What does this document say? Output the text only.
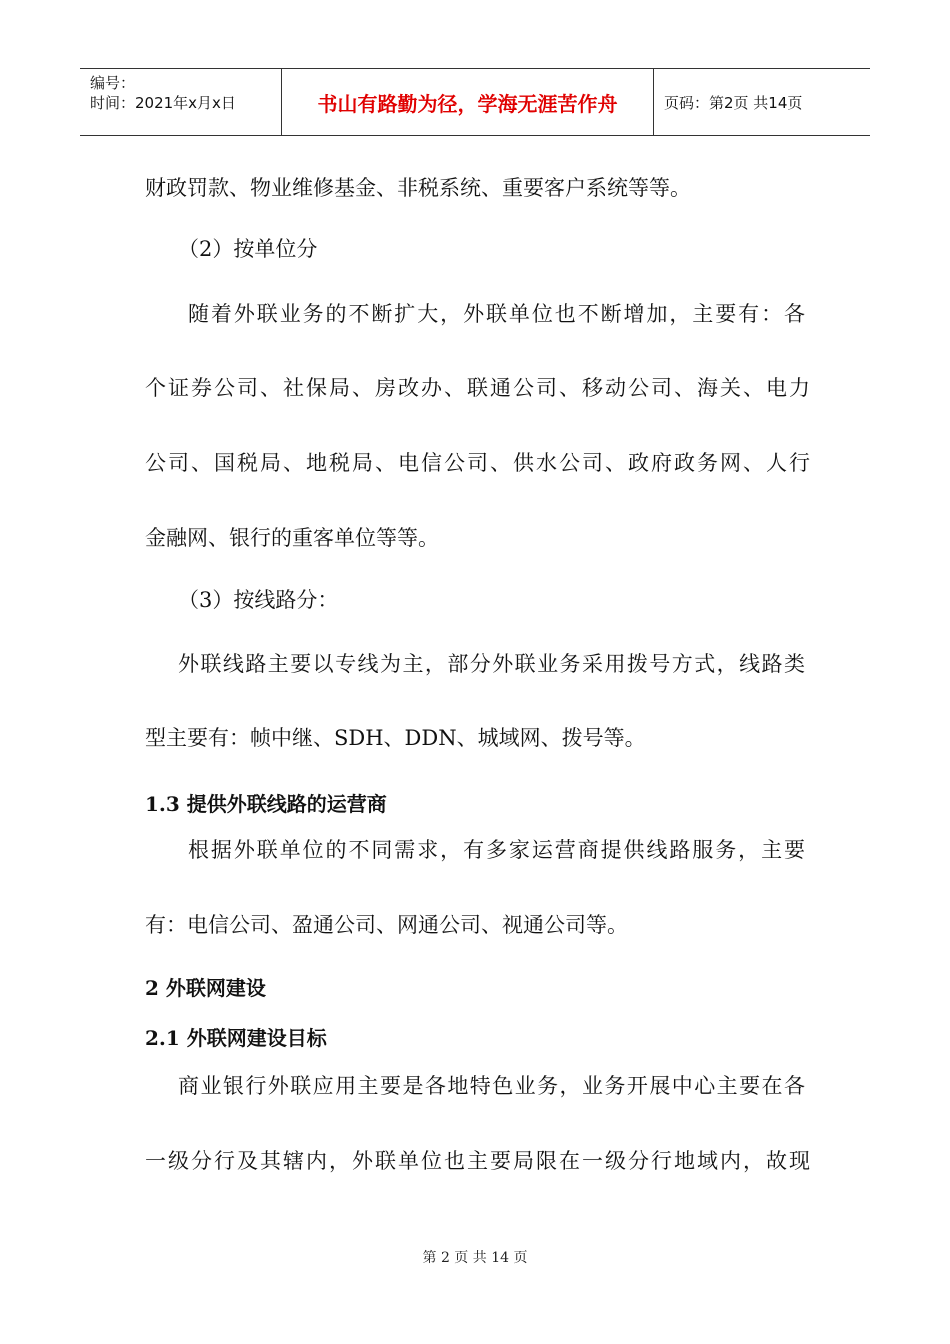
编号：
时间：2021年x月x日	书山有路勤为径，学海无涯苦作舟	页码：第2页 共14页
财政罚款、物业维修基金、非税系统、重要客户系统等等。
（2）按单位分
随着外联业务的不断扩大，外联单位也不断增加，主要有：各
个证券公司、社保局、房改办、联通公司、移动公司、海关、电力
公司、国税局、地税局、电信公司、供水公司、政府政务网、人行
金融网、银行的重客单位等等。
（3）按线路分：
外联线路主要以专线为主，部分外联业务采用拨号方式，线路类
型主要有：帧中继、SDH、DDN、城域网、拨号等。
1.3 提供外联线路的运营商
根据外联单位的不同需求，有多家运营商提供线路服务，主要
有：电信公司、盈通公司、网通公司、视通公司等。
2 外联网建设
2.1 外联网建设目标
商业银行外联应用主要是各地特色业务，业务开展中心主要在各
一级分行及其辖内，外联单位也主要局限在一级分行地域内，故现
第 2 页 共 14 页
